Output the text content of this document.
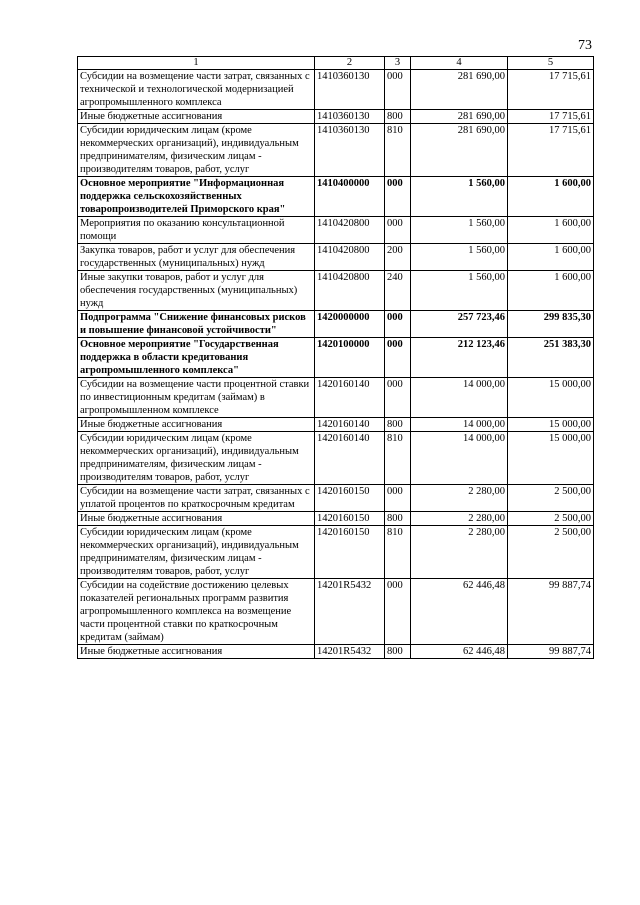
73
1	2	3	4	5
Субсидии на возмещение части затрат, связанных с технической и технологической модернизацией агропромышленного комплекса	1410360130	000	281 690,00	17 715,61
Иные бюджетные ассигнования	1410360130	800	281 690,00	17 715,61
Субсидии юридическим лицам (кроме некоммерческих организаций), индивидуальным предпринимателям, физическим лицам - производителям товаров, работ, услуг	1410360130	810	281 690,00	17 715,61
Основное мероприятие "Информационная поддержка сельскохозяйственных товаропроизводителей Приморского края"	1410400000	000	1 560,00	1 600,00
Мероприятия по оказанию консультационной помощи	1410420800	000	1 560,00	1 600,00
Закупка товаров, работ и услуг для обеспечения государственных (муниципальных) нужд	1410420800	200	1 560,00	1 600,00
Иные закупки товаров, работ и услуг для обеспечения государственных (муниципальных) нужд	1410420800	240	1 560,00	1 600,00
Подпрограмма "Снижение финансовых рисков и повышение финансовой устойчивости"	1420000000	000	257 723,46	299 835,30
Основное мероприятие "Государственная поддержка в области кредитования агропромышленного комплекса"	1420100000	000	212 123,46	251 383,30
Субсидии на возмещение части процентной ставки по инвестиционным кредитам (займам) в агропромышленном комплексе	1420160140	000	14 000,00	15 000,00
Иные бюджетные ассигнования	1420160140	800	14 000,00	15 000,00
Субсидии юридическим лицам (кроме некоммерческих организаций), индивидуальным предпринимателям, физическим лицам - производителям товаров, работ, услуг	1420160140	810	14 000,00	15 000,00
Субсидии на возмещение части затрат, связанных с уплатой процентов по краткосрочным кредитам	1420160150	000	2 280,00	2 500,00
Иные бюджетные ассигнования	1420160150	800	2 280,00	2 500,00
Субсидии юридическим лицам (кроме некоммерческих организаций), индивидуальным предпринимателям, физическим лицам - производителям товаров, работ, услуг	1420160150	810	2 280,00	2 500,00
Субсидии на содействие достижению целевых показателей региональных программ развития агропромышленного комплекса на возмещение части процентной ставки по краткосрочным кредитам (займам)	14201R5432	000	62 446,48	99 887,74
Иные бюджетные ассигнования	14201R5432	800	62 446,48	99 887,74
